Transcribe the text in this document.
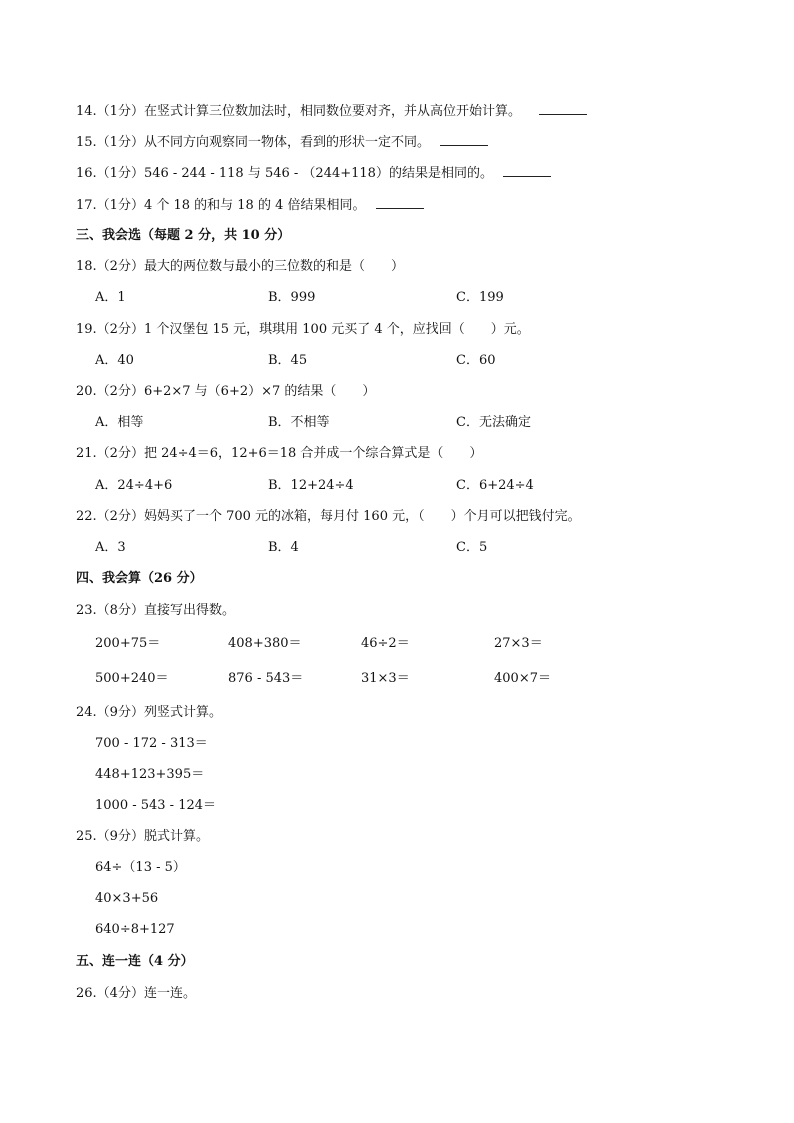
14.（1分）在竖式计算三位数加法时，相同数位要对齐，并从高位开始计算。
15.（1分）从不同方向观察同一物体，看到的形状一定不同。
16.（1分）546 - 244 - 118 与 546 - （244+118）的结果是相同的。
17.（1分）4 个 18 的和与 18 的 4 倍结果相同。
三、我会选（每题 2 分，共 10 分）
18.（2分）最大的两位数与最小的三位数的和是（　　）
A．1	B．999	C．199
19.（2分）1 个汉堡包 15 元，琪琪用 100 元买了 4 个，应找回（　　）元。
A．40	B．45	C．60
20.（2分）6+2×7 与（6+2）×7 的结果（　　）
A．相等	B．不相等	C．无法确定
21.（2分）把 24÷4＝6，12+6＝18 合并成一个综合算式是（　　）
A．24÷4+6	B．12+24÷4	C．6+24÷4
22.（2分）妈妈买了一个 700 元的冰箱，每月付 160 元，（　　）个月可以把钱付完。
A．3	B．4	C．5
四、我会算（26 分）
23.（8分）直接写出得数。
200+75＝	408+380＝	46÷2＝	27×3＝
500+240＝	876 - 543＝	31×3＝	400×7＝
24.（9分）列竖式计算。
700 - 172 - 313＝
448+123+395＝
1000 - 543 - 124＝
25.（9分）脱式计算。
64÷（13 - 5）
40×3+56
640÷8+127
五、连一连（4 分）
26.（4分）连一连。
